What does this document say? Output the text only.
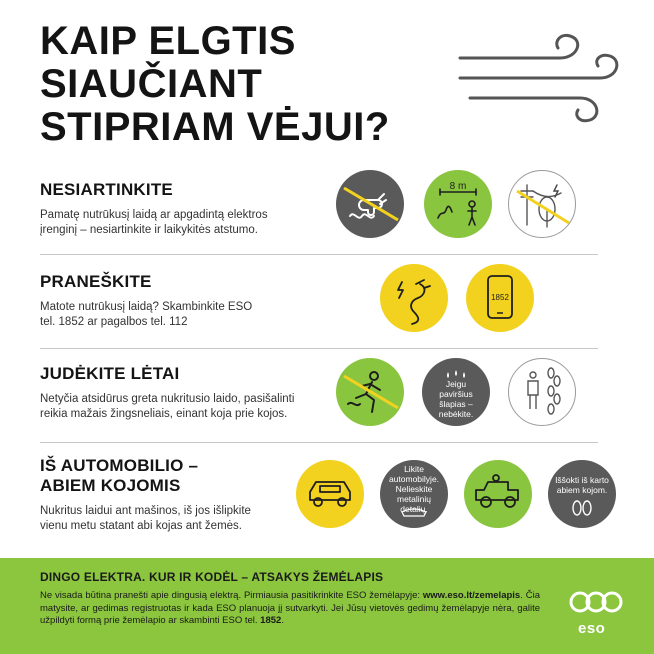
KAIP ELGTIS
SIAUČIANT
STIPRIAM VĖJUI?
NESIARTINKITE
Pamatę nutrūkusį laidą ar apgadintą elektros
įrenginį – nesiartinkite ir laikykitės atstumo.
8 m
PRANEŠKITE
Matote nutrūkusį laidą? Skambinkite ESO
tel. 1852 ar pagalbos tel. 112
1852
JUDĖKITE LĖTAI
Netyčia atsidūrus greta nukritusio laido, pasišalinti
reikia mažais žingsneliais, einant koja prie kojos.
Jeigu paviršius
šlapias –
nebėkite.
IŠ AUTOMOBILIO –
ABIEM KOJOMIS
Nukritus laidui ant mašinos, iš jos išlipkite
vienu metu statant abi kojas ant žemės.
Likite
automobilyje.
Nelieskite
metalinių detalių.
Iššokti iš karto
abiem kojom.
DINGO ELEKTRA. KUR IR KODĖL – ATSAKYS ŽEMĖLAPIS
Ne visada būtina pranešti apie dingusią elektrą. Pirmiausia pasitikrinkite ESO žemėlapyje: www.eso.lt/zemelapis. Čia matysite, ar gedimas registruotas ir kada ESO planuoja jį sutvarkyti. Jei Jūsų vietovės gedimų žemėlapyje nėra, galite užpildyti formą prie žemėlapio ar skambinti ESO tel. 1852.	eso
